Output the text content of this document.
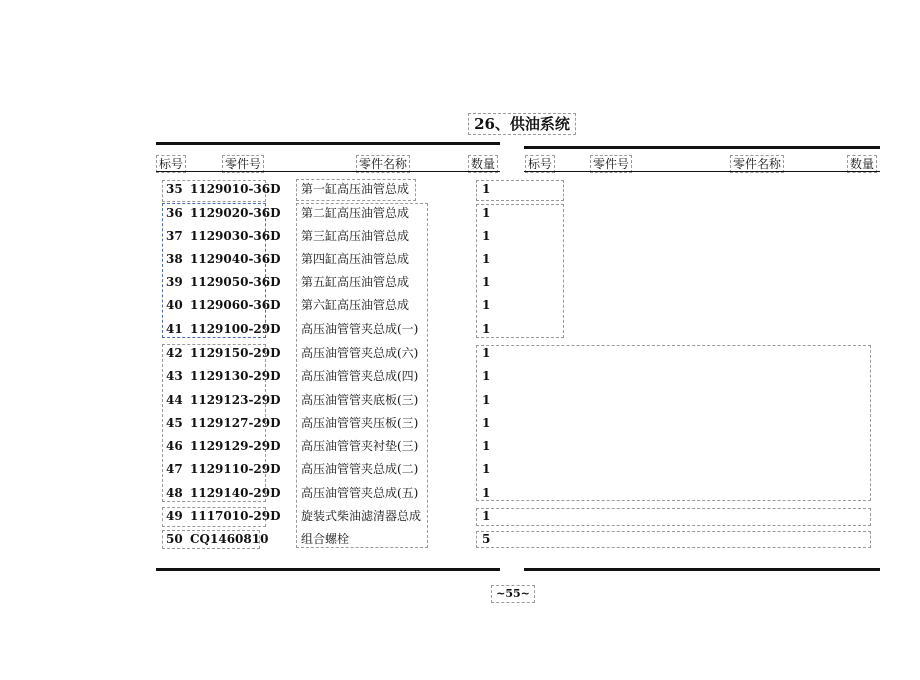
26、供油系统
标号	零件号	零件名称	数量	标号	零件号	零件名称	数量
35 1129010-36D 第一缸高压油管总成	1
36 1129020-36D 第二缸高压油管总成	1
37 1129030-36D 第三缸高压油管总成	1
38 1129040-36D 第四缸高压油管总成	1
39 1129050-36D 第五缸高压油管总成	1
40 1129060-36D 第六缸高压油管总成	1
41 1129100-29D 高压油管管夹总成(一)	1
42 1129150-29D 高压油管管夹总成(六)	1
43 1129130-29D 高压油管管夹总成(四)	1
44 1129123-29D 高压油管管夹底板(三)	1
45 1129127-29D 高压油管管夹压板(三)	1
46 1129129-29D 高压油管管夹衬垫(三)	1
47 1129110-29D 高压油管管夹总成(二)	1
48 1129140-29D 高压油管管夹总成(五)	1
49 1117010-29D 旋装式柴油滤清器总成	1
50 CQ1460810	组合螺栓	5
~55~
